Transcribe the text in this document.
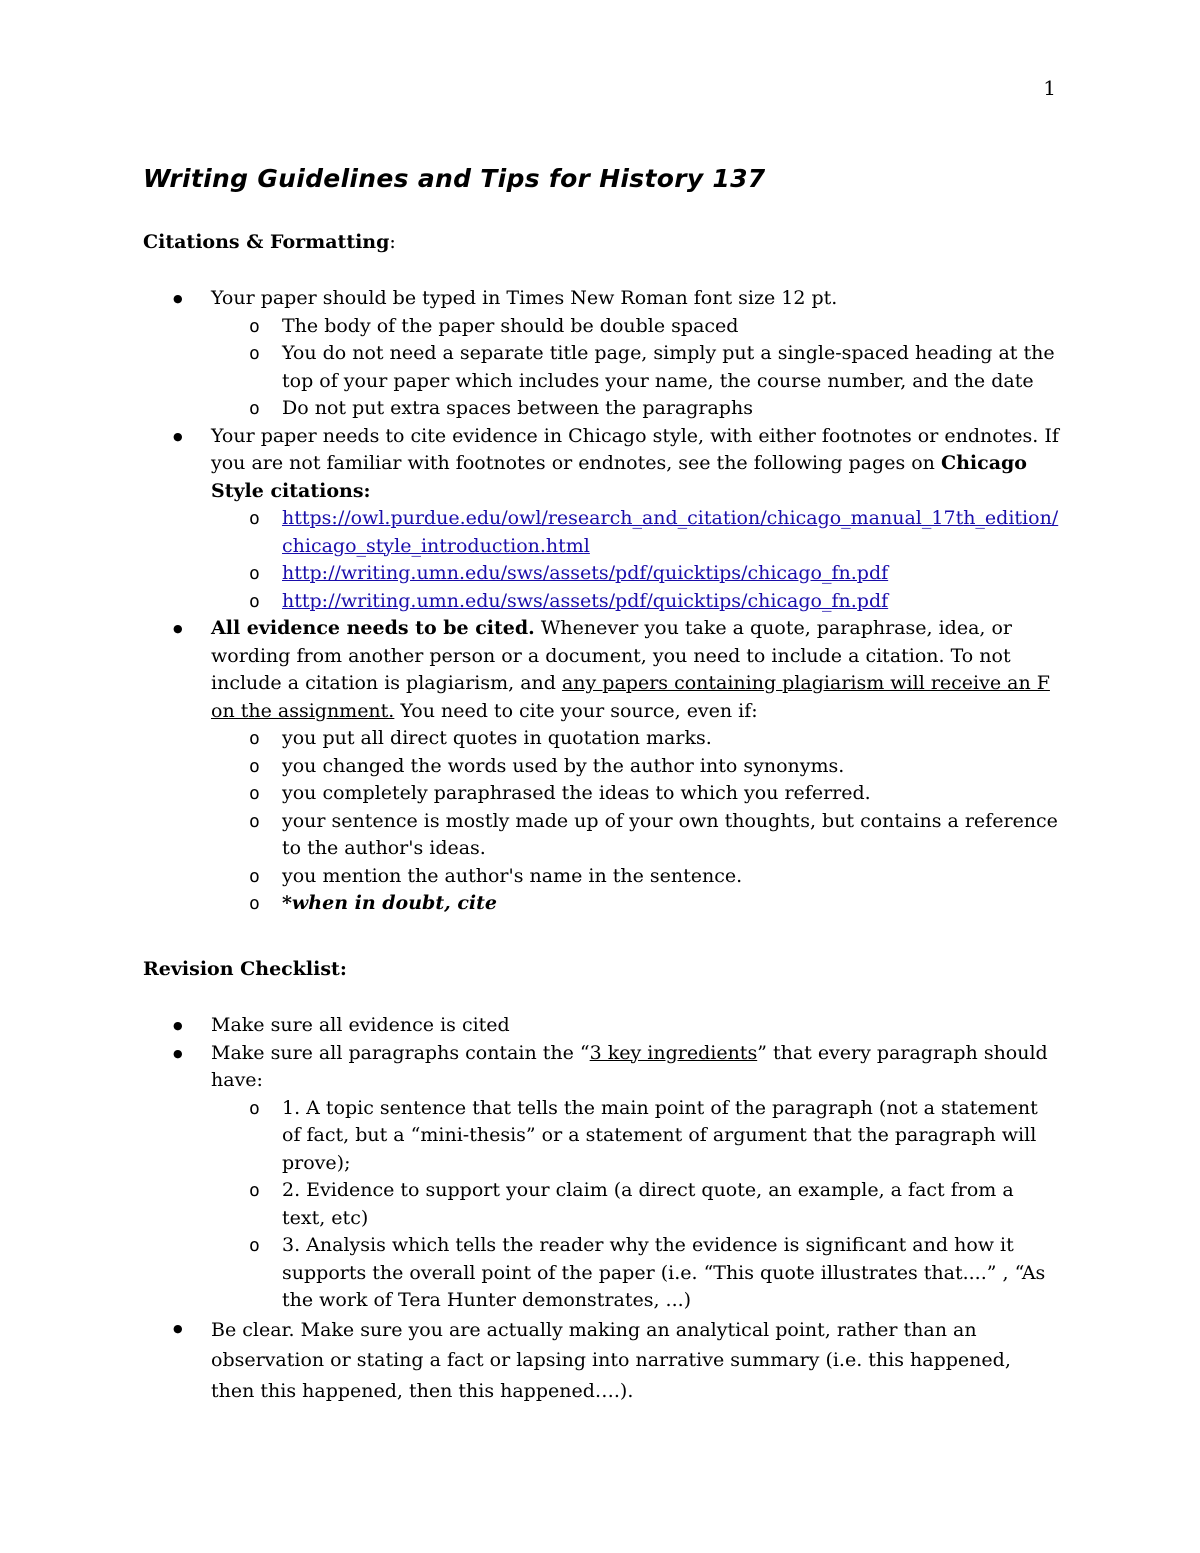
1
Writing Guidelines and Tips for History 137
Citations & Formatting:
● Your paper should be typed in Times New Roman font size 12 pt.
o The body of the paper should be double spaced
o You do not need a separate title page, simply put a single-spaced heading at the top of your paper which includes your name, the course number, and the date
o Do not put extra spaces between the paragraphs
● Your paper needs to cite evidence in Chicago style, with either footnotes or endnotes. If you are not familiar with footnotes or endnotes, see the following pages on Chicago Style citations:
o https://owl.purdue.edu/owl/research_and_citation/chicago_manual_17th_edition/chicago_style_introduction.html
o http://writing.umn.edu/sws/assets/pdf/quicktips/chicago_fn.pdf
o http://writing.umn.edu/sws/assets/pdf/quicktips/chicago_fn.pdf
● All evidence needs to be cited. Whenever you take a quote, paraphrase, idea, or wording from another person or a document, you need to include a citation. To not include a citation is plagiarism, and any papers containing plagiarism will receive an F on the assignment. You need to cite your source, even if:
o you put all direct quotes in quotation marks.
o you changed the words used by the author into synonyms.
o you completely paraphrased the ideas to which you referred.
o your sentence is mostly made up of your own thoughts, but contains a reference to the author's ideas.
o you mention the author's name in the sentence.
o *when in doubt, cite
Revision Checklist:
● Make sure all evidence is cited
● Make sure all paragraphs contain the “3 key ingredients” that every paragraph should have:
o 1. A topic sentence that tells the main point of the paragraph (not a statement of fact, but a “mini-thesis” or a statement of argument that the paragraph will prove);
o 2. Evidence to support your claim (a direct quote, an example, a fact from a text, etc)
o 3. Analysis which tells the reader why the evidence is significant and how it supports the overall point of the paper (i.e. “This quote illustrates that....” , “As the work of Tera Hunter demonstrates, ...)
● Be clear. Make sure you are actually making an analytical point, rather than an observation or stating a fact or lapsing into narrative summary (i.e. this happened, then this happened, then this happened….).
